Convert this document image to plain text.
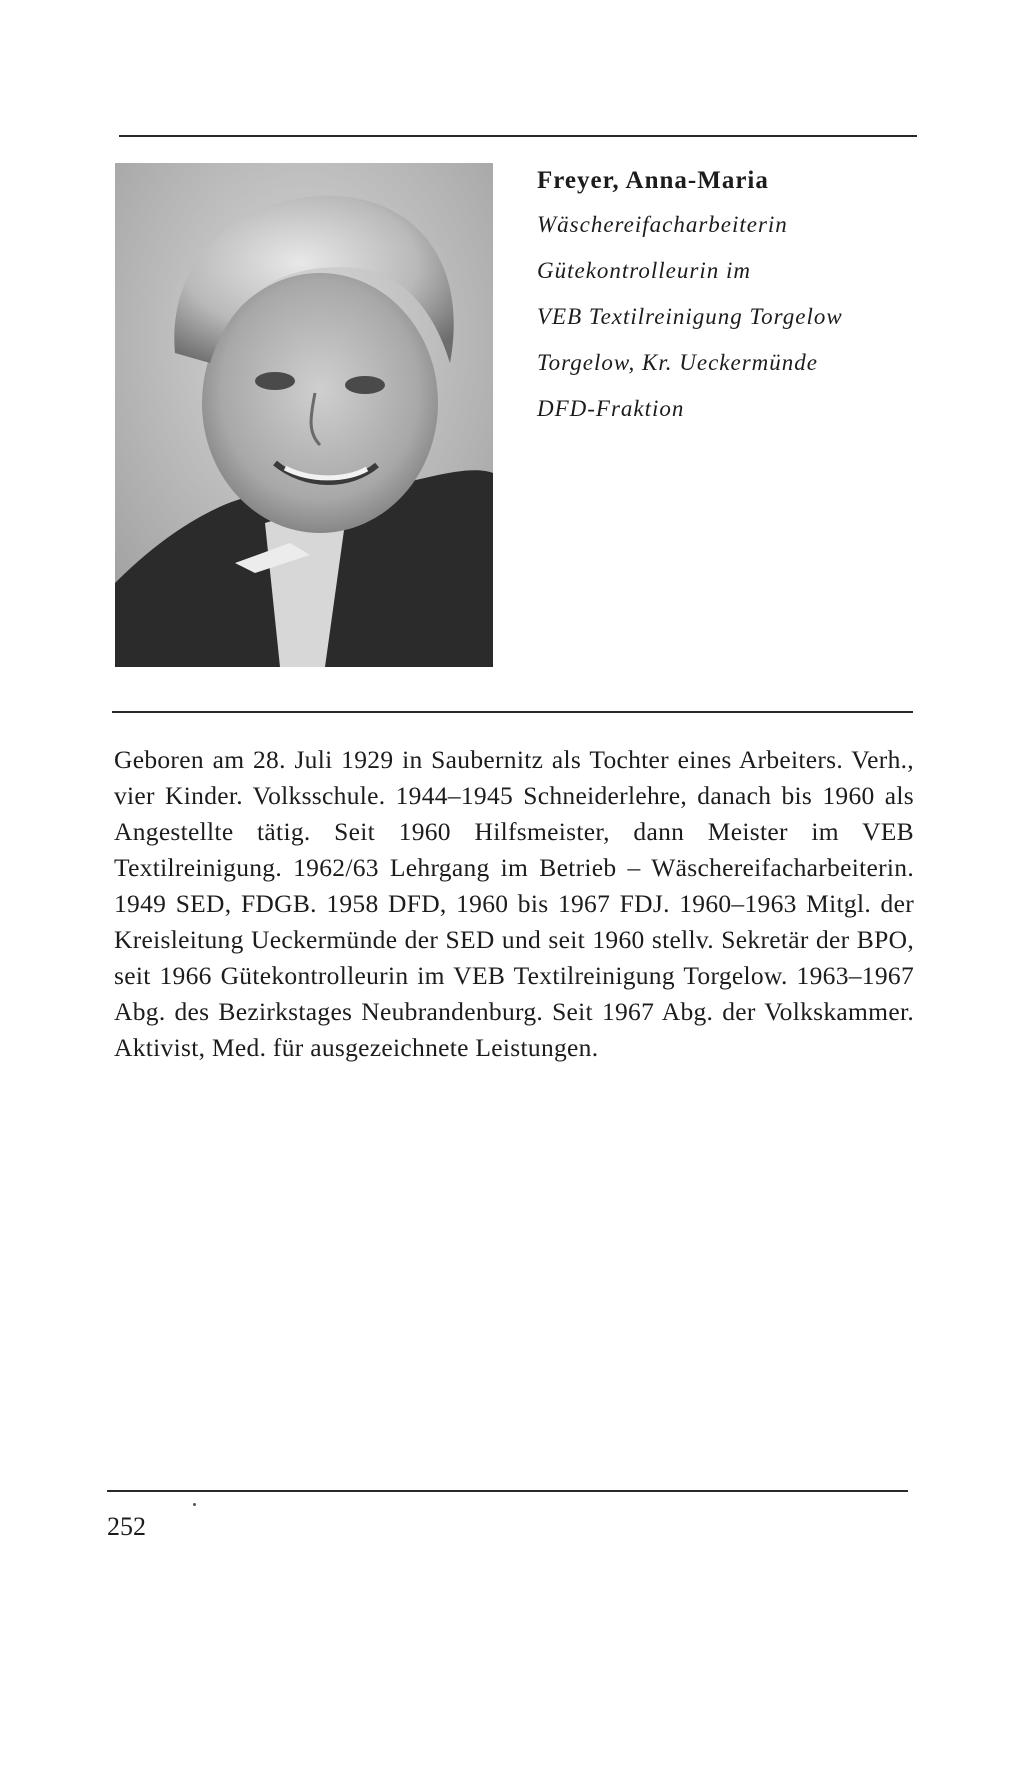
Freyer, Anna-Maria

Wäschereifacharbeiterin

Gütekontrolleurin im

VEB Textilreinigung Torgelow

Torgelow, Kr. Ueckermünde

DFD-Fraktion

Geboren am 28. Juli 1929 in Saubernitz als Tochter eines Arbeiters. Verh., vier Kinder. Volksschule. 1944–1945 Schneiderlehre, danach bis 1960 als Angestellte tätig. Seit 1960 Hilfsmeister, dann Meister im VEB Textilreinigung. 1962/63 Lehrgang im Betrieb – Wäschereifacharbeiterin. 1949 SED, FDGB. 1958 DFD, 1960 bis 1967 FDJ. 1960–1963 Mitgl. der Kreisleitung Ueckermünde der SED und seit 1960 stellv. Sekretär der BPO, seit 1966 Gütekontrolleurin im VEB Textilreinigung Torgelow. 1963–1967 Abg. des Bezirkstages Neubrandenburg. Seit 1967 Abg. der Volkskammer. Aktivist, Med. für ausgezeichnete Leistungen.

252
